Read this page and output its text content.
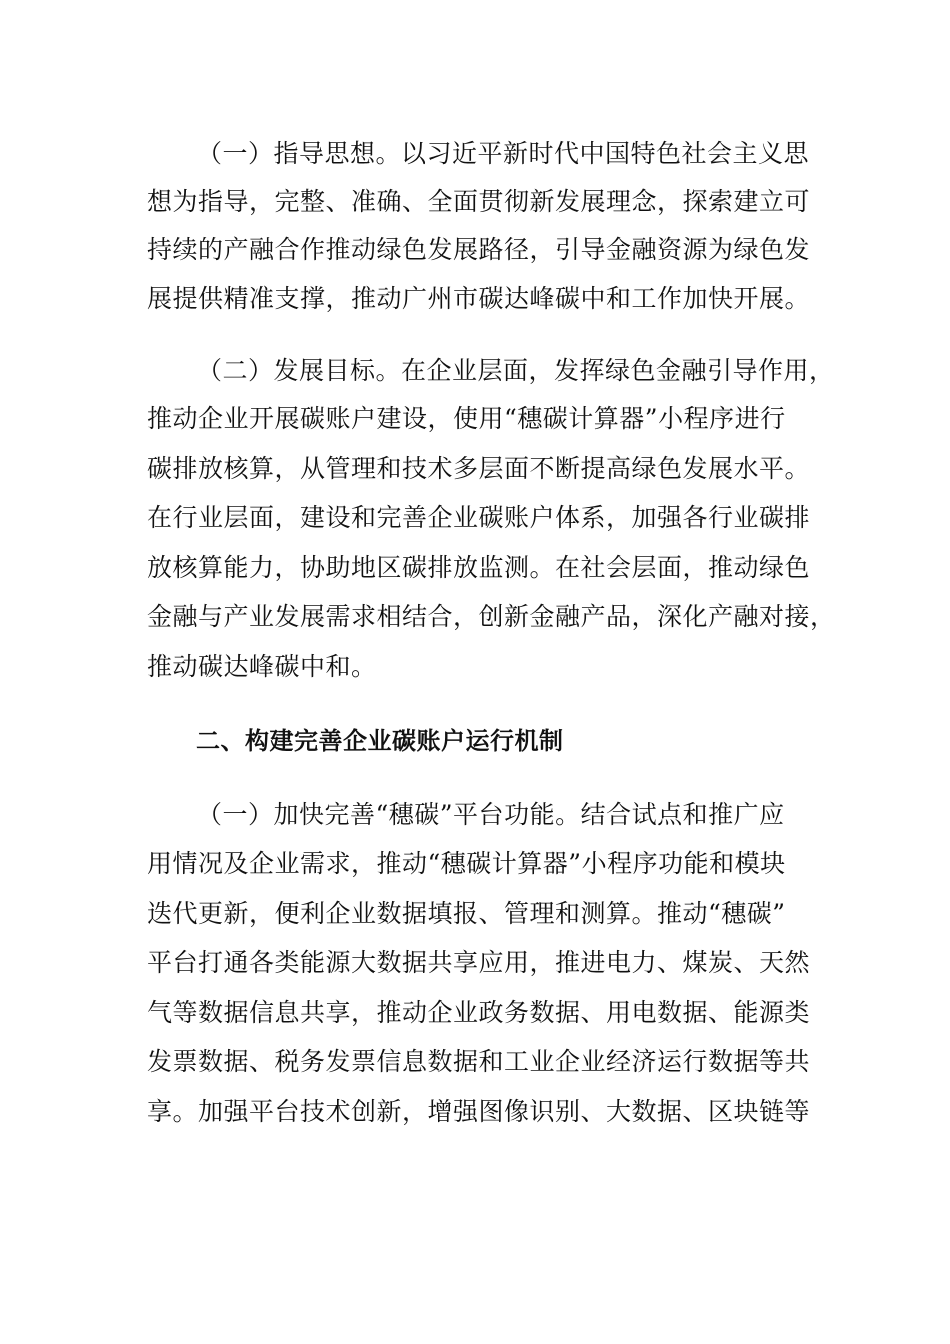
（一）指导思想。以习近平新时代中国特色社会主义思
想为指导，完整、准确、全面贯彻新发展理念，探索建立可
持续的产融合作推动绿色发展路径，引导金融资源为绿色发
展提供精准支撑，推动广州市碳达峰碳中和工作加快开展。
（二）发展目标。在企业层面，发挥绿色金融引导作用，
推动企业开展碳账户建设，使用“穗碳计算器”小程序进行
碳排放核算，从管理和技术多层面不断提高绿色发展水平。
在行业层面，建设和完善企业碳账户体系，加强各行业碳排
放核算能力，协助地区碳排放监测。在社会层面，推动绿色
金融与产业发展需求相结合，创新金融产品，深化产融对接，
推动碳达峰碳中和。
二、构建完善企业碳账户运行机制
（一）加快完善“穗碳”平台功能。结合试点和推广应
用情况及企业需求，推动“穗碳计算器”小程序功能和模块
迭代更新，便利企业数据填报、管理和测算。推动“穗碳”
平台打通各类能源大数据共享应用，推进电力、煤炭、天然
气等数据信息共享，推动企业政务数据、用电数据、能源类
发票数据、税务发票信息数据和工业企业经济运行数据等共
享。加强平台技术创新，增强图像识别、大数据、区块链等
